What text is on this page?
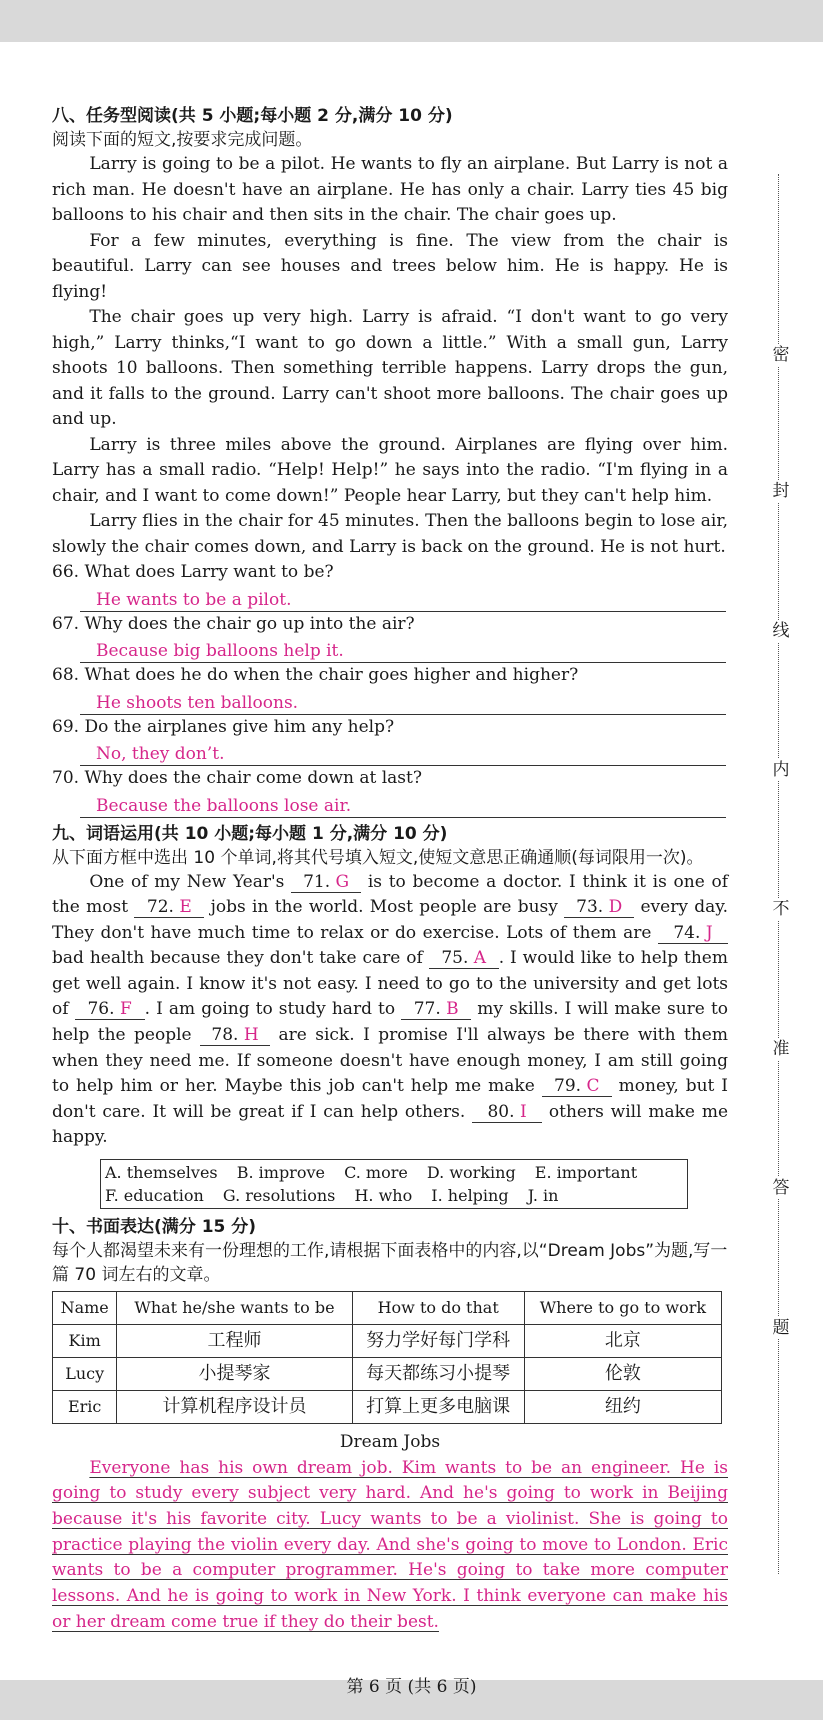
八、任务型阅读(共 5 小题;每小题 2 分,满分 10 分)
阅读下面的短文,按要求完成问题。

Larry is going to be a pilot. He wants to fly an airplane. But Larry is not a rich man. He doesn't have an airplane. He has only a chair. Larry ties 45 big balloons to his chair and then sits in the chair. The chair goes up.

For a few minutes, everything is fine. The view from the chair is beautiful. Larry can see houses and trees below him. He is happy. He is flying!

The chair goes up very high. Larry is afraid. “I don't want to go very high,” Larry thinks,“I want to go down a little.” With a small gun, Larry shoots 10 balloons. Then something terrible happens. Larry drops the gun, and it falls to the ground. Larry can't shoot more balloons. The chair goes up and up.

Larry is three miles above the ground. Airplanes are flying over him. Larry has a small radio. “Help! Help!” he says into the radio. “I'm flying in a chair, and I want to come down!” People hear Larry, but they can't help him.

Larry flies in the chair for 45 minutes. Then the balloons begin to lose air, slowly the chair comes down, and Larry is back on the ground. He is not hurt.

66. What does Larry want to be?

He wants to be a pilot.

67. Why does the chair go up into the air?

Because big balloons help it.

68. What does he do when the chair goes higher and higher?

He shoots ten balloons.

69. Do the airplanes give him any help?

No, they don’t.

70. Why does the chair come down at last?

Because the balloons lose air.
九、词语运用(共 10 小题;每小题 1 分,满分 10 分)
从下面方框中选出 10 个单词,将其代号填入短文,使短文意思正确通顺(每词限用一次)。

One of my New Year's 71. G is to become a doctor. I think it is one of the most 72. E jobs in the world. Most people are busy 73. D every day. They don't have much time to relax or do exercise. Lots of them are 74. J bad health because they don't take care of 75. A . I would like to help them get well again. I know it's not easy. I need to go to the university and get lots of 76. F . I am going to study hard to 77. B my skills. I will make sure to help the people 78. H are sick. I promise I'll always be there with them when they need me. If someone doesn't have enough money, I am still going to help him or her. Maybe this job can't help me make 79. C money, but I don't care. It will be great if I can help others. 80. I others will make me happy.

A. themselves B. improve C. more D. working E. important
F. education G. resolutions H. who I. helping J. in
十、书面表达(满分 15 分)
每个人都渴望未来有一份理想的工作,请根据下面表格中的内容,以“Dream Jobs”为题,写一篇 70 词左右的文章。
Name	What he/she wants to be	How to do that	Where to go to work
Kim	工程师	努力学好每门学科	北京
Lucy	小提琴家	每天都练习小提琴	伦敦
Eric	计算机程序设计员	打算上更多电脑课	纽约
Dream Jobs

Everyone has his own dream job. Kim wants to be an engineer. He is going to study every subject very hard. And he's going to work in Beijing because it's his favorite city. Lucy wants to be a violinist. She is going to practice playing the violin every day. And she's going to move to London. Eric wants to be a computer programmer. He's going to take more computer lessons. And he is going to work in New York. I think everyone can make his or her dream come true if they do their best.

密
封
线
内
不
准
答
题
第 6 页 (共 6 页)
